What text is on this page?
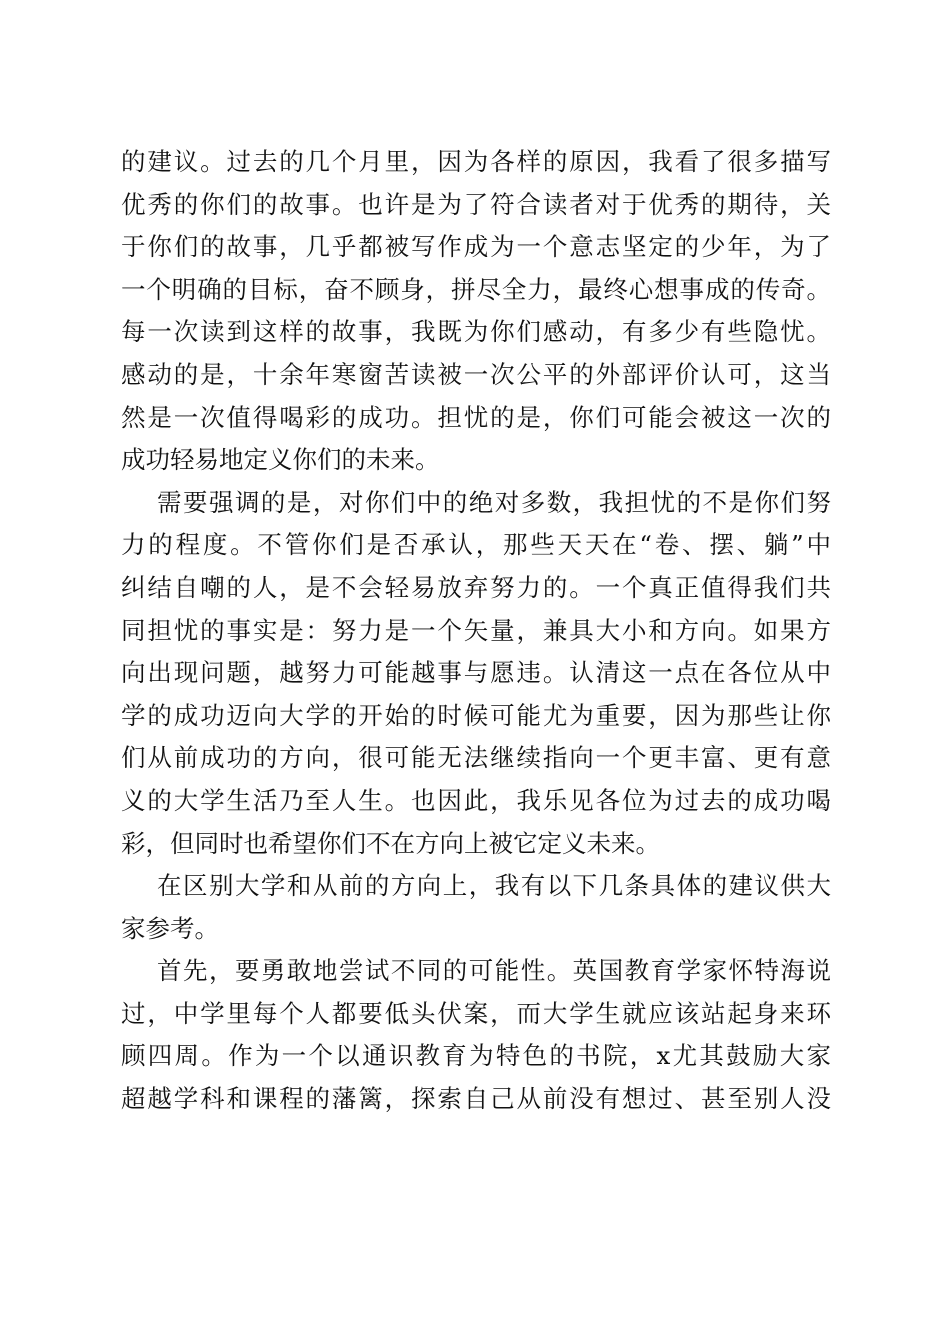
的建议。过去的几个月里，因为各样的原因，我看了很多描写
优秀的你们的故事。也许是为了符合读者对于优秀的期待，关
于你们的故事，几乎都被写作成为一个意志坚定的少年，为了
一个明确的目标，奋不顾身，拼尽全力，最终心想事成的传奇。
每一次读到这样的故事，我既为你们感动，有多少有些隐忧。
感动的是，十余年寒窗苦读被一次公平的外部评价认可，这当
然是一次值得喝彩的成功。担忧的是，你们可能会被这一次的
成功轻易地定义你们的未来。
需要强调的是，对你们中的绝对多数，我担忧的不是你们努
力的程度。不管你们是否承认，那些天天在“卷、摆、躺”中
纠结自嘲的人，是不会轻易放弃努力的。一个真正值得我们共
同担忧的事实是：努力是一个矢量，兼具大小和方向。如果方
向出现问题，越努力可能越事与愿违。认清这一点在各位从中
学的成功迈向大学的开始的时候可能尤为重要，因为那些让你
们从前成功的方向，很可能无法继续指向一个更丰富、更有意
义的大学生活乃至人生。也因此，我乐见各位为过去的成功喝
彩，但同时也希望你们不在方向上被它定义未来。
在区别大学和从前的方向上，我有以下几条具体的建议供大
家参考。
首先，要勇敢地尝试不同的可能性。英国教育学家怀特海说
过，中学里每个人都要低头伏案，而大学生就应该站起身来环
顾四周。作为一个以通识教育为特色的书院，x尤其鼓励大家
超越学科和课程的藩篱，探索自己从前没有想过、甚至别人没
